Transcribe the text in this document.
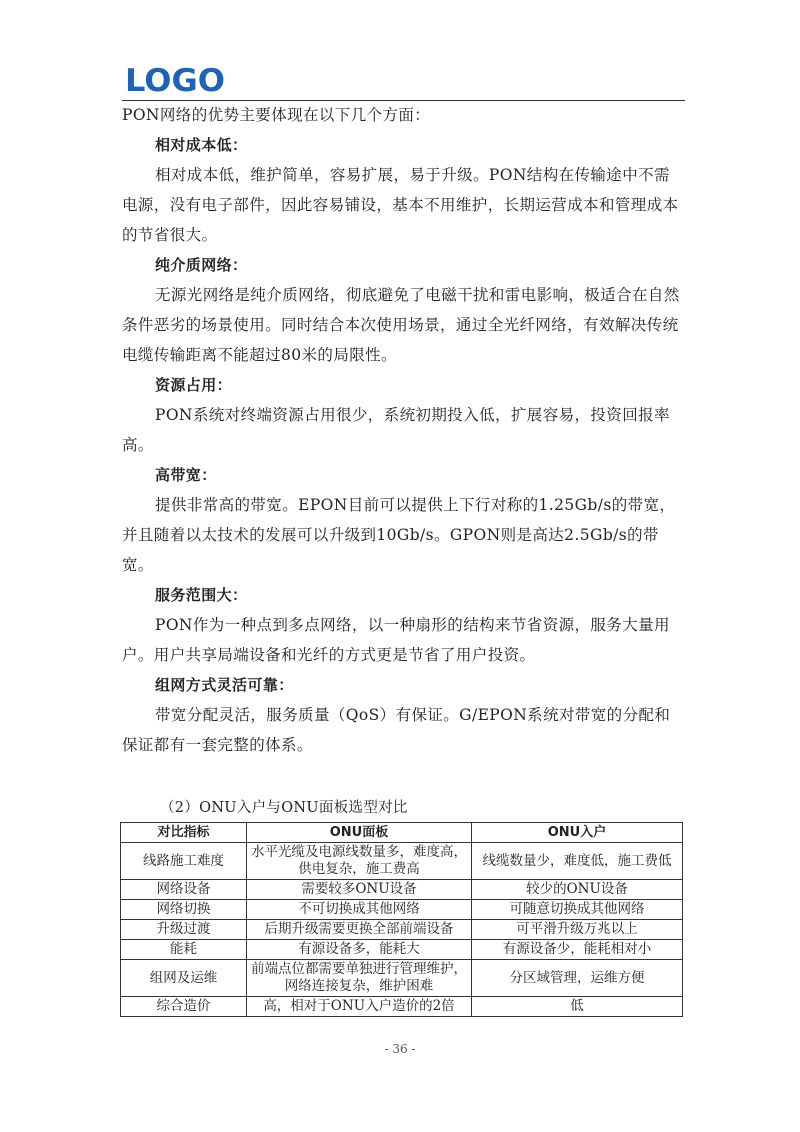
LOGO

PON网络的优势主要体现在以下几个方面：

相对成本低：

相对成本低，维护简单，容易扩展，易于升级。PON结构在传输途中不需电源，没有电子部件，因此容易铺设，基本不用维护，长期运营成本和管理成本的节省很大。

纯介质网络：

无源光网络是纯介质网络，彻底避免了电磁干扰和雷电影响，极适合在自然条件恶劣的场景使用。同时结合本次使用场景，通过全光纤网络，有效解决传统电缆传输距离不能超过80米的局限性。

资源占用：

PON系统对终端资源占用很少，系统初期投入低，扩展容易，投资回报率高。

高带宽：

提供非常高的带宽。EPON目前可以提供上下行对称的1.25Gb/s的带宽，并且随着以太技术的发展可以升级到10Gb/s。GPON则是高达2.5Gb/s的带宽。

服务范围大：

PON作为一种点到多点网络，以一种扇形的结构来节省资源，服务大量用户。用户共享局端设备和光纤的方式更是节省了用户投资。

组网方式灵活可靠：

带宽分配灵活，服务质量（QoS）有保证。G/EPON系统对带宽的分配和保证都有一套完整的体系。

（2）ONU入户与ONU面板选型对比
对比指标	ONU面板	ONU入户
线路施工难度	水平光缆及电源线数量多，难度高，供电复杂，施工费高	线缆数量少，难度低，施工费低
网络设备	需要较多ONU设备	较少的ONU设备
网络切换	不可切换成其他网络	可随意切换成其他网络
升级过渡	后期升级需要更换全部前端设备	可平滑升级万兆以上
能耗	有源设备多，能耗大	有源设备少，能耗相对小
组网及运维	前端点位都需要单独进行管理维护，网络连接复杂，维护困难	分区域管理，运维方便
综合造价	高，相对于ONU入户造价的2倍	低
- 36 -
